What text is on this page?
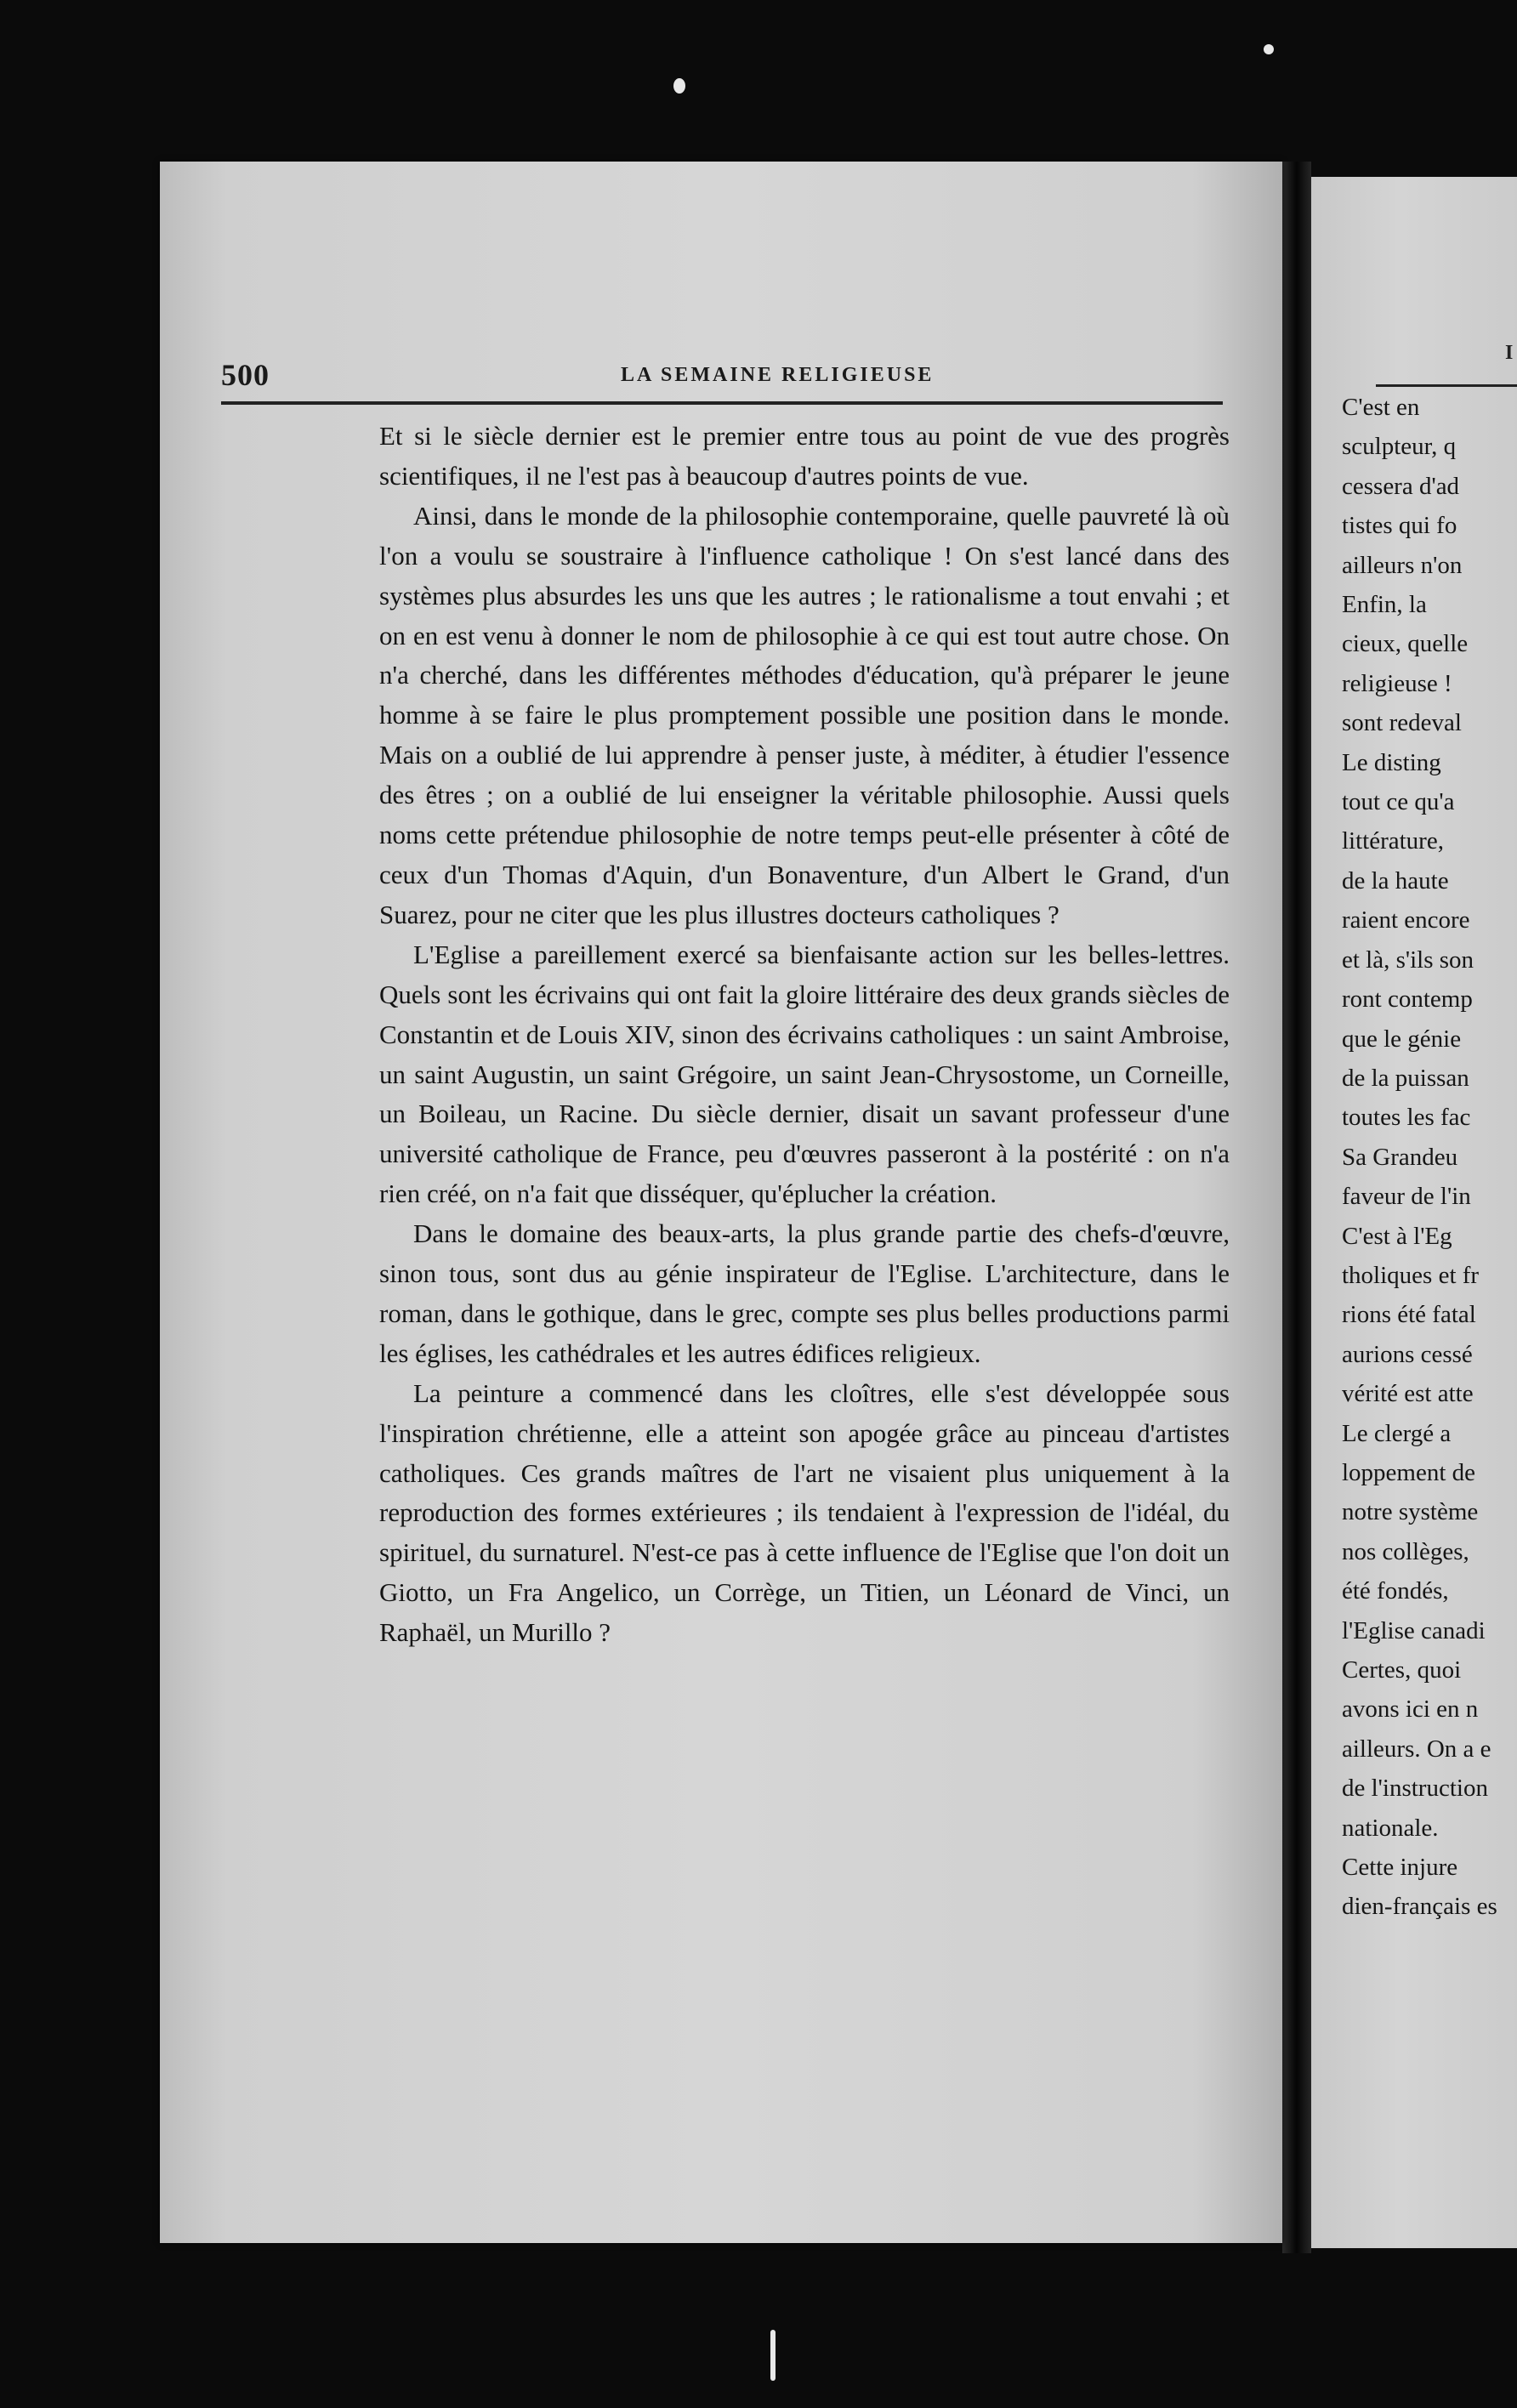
500	LA SEMAINE RELIGIEUSE

Et si le siècle dernier est le premier entre tous au point de vue des progrès scientifiques, il ne l'est pas à beaucoup d'autres points de vue.

Ainsi, dans le monde de la philosophie contemporaine, quelle pauvreté là où l'on a voulu se soustraire à l'influence catholique ! On s'est lancé dans des systèmes plus absurdes les uns que les autres ; le rationalisme a tout envahi ; et on en est venu à donner le nom de philosophie à ce qui est tout autre chose. On n'a cherché, dans les différentes méthodes d'éducation, qu'à préparer le jeune homme à se faire le plus promptement possible une position dans le monde. Mais on a oublié de lui apprendre à penser juste, à méditer, à étudier l'essence des êtres ; on a oublié de lui enseigner la véritable philosophie. Aussi quels noms cette prétendue philosophie de notre temps peut-elle présenter à côté de ceux d'un Thomas d'Aquin, d'un Bonaventure, d'un Albert le Grand, d'un Suarez, pour ne citer que les plus illustres docteurs catholiques ?

L'Eglise a pareillement exercé sa bienfaisante action sur les belles-lettres. Quels sont les écrivains qui ont fait la gloire littéraire des deux grands siècles de Constantin et de Louis XIV, sinon des écrivains catholiques : un saint Ambroise, un saint Augustin, un saint Grégoire, un saint Jean-Chrysostome, un Corneille, un Boileau, un Racine. Du siècle dernier, disait un savant professeur d'une université catholique de France, peu d'œuvres passeront à la postérité : on n'a rien créé, on n'a fait que disséquer, qu'éplucher la création.

Dans le domaine des beaux-arts, la plus grande partie des chefs-d'œuvre, sinon tous, sont dus au génie inspirateur de l'Eglise. L'architecture, dans le roman, dans le gothique, dans le grec, compte ses plus belles productions parmi les églises, les cathédrales et les autres édifices religieux.

La peinture a commencé dans les cloîtres, elle s'est développée sous l'inspiration chrétienne, elle a atteint son apogée grâce au pinceau d'artistes catholiques. Ces grands maîtres de l'art ne visaient plus uniquement à la reproduction des formes extérieures ; ils tendaient à l'expression de l'idéal, du spirituel, du surnaturel. N'est-ce pas à cette influence de l'Eglise que l'on doit un Giotto, un Fra Angelico, un Corrège, un Titien, un Léonard de Vinci, un Raphaël, un Murillo ?

I
C'est en
sculpteur, q
cessera d'ad
tistes qui fo
ailleurs n'on
Enfin, la
cieux, quelle
religieuse !
sont redeval
Le disting
tout ce qu'a
littérature,
de la haute
raient encore
et là, s'ils son
ront contemp
que le génie
de la puissan
toutes les fac
Sa Grandeu
faveur de l'in
C'est à l'Eg
tholiques et fr
rions été fatal
aurions cessé
vérité est atte
Le clergé a
loppement de
notre système
nos collèges,
été fondés,
l'Eglise canadi
Certes, quoi
avons ici en n
ailleurs. On a e
de l'instruction
nationale.
Cette injure
dien-français es
